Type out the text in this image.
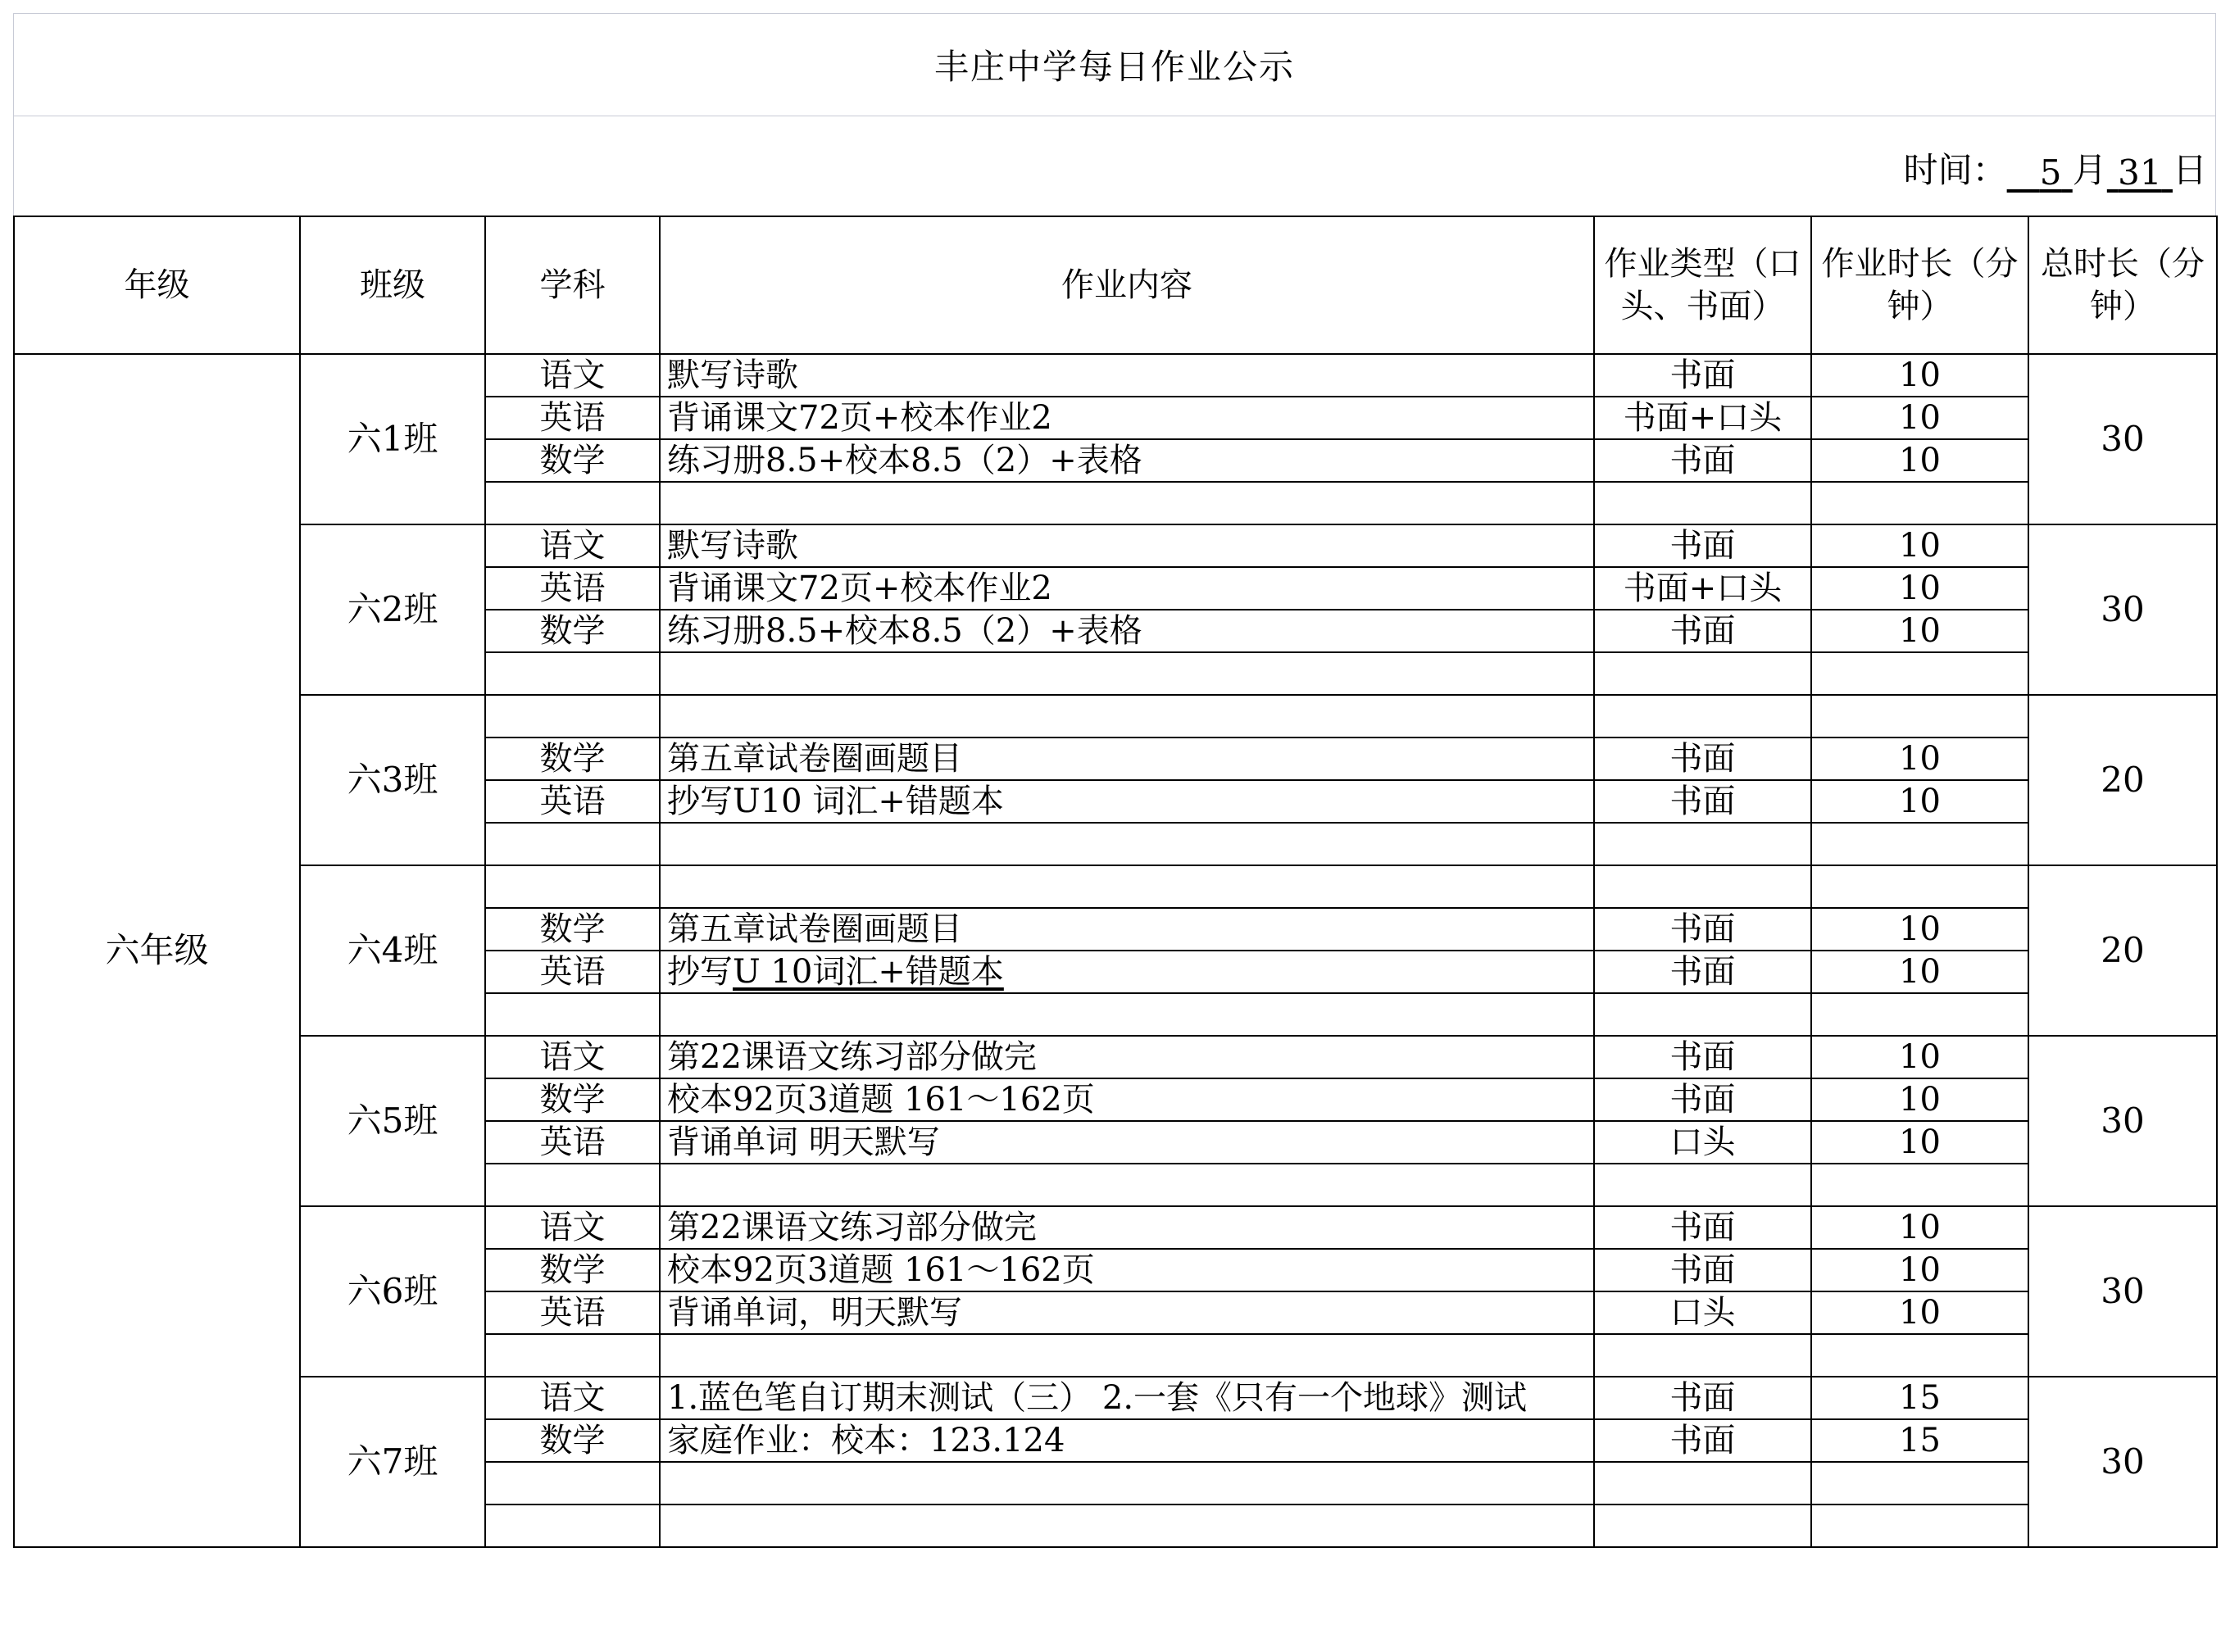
丰庄中学每日作业公示
时间： 5 月 31 日
年级	班级	学科	作业内容	作业类型（口头、书面）	作业时长（分钟）	总时长（分钟）
六年级	六1班	语文	默写诗歌	书面	10	30
		英语	背诵课文72页+校本作业2	书面+口头	10	
		数学	练习册8.5+校本8.5（2）+表格	书面	10	

	六2班	语文	默写诗歌	书面	10	30
		英语	背诵课文72页+校本作业2	书面+口头	10	
		数学	练习册8.5+校本8.5（2）+表格	书面	10	

	六3班					20
		数学	第五章试卷圈画题目	书面	10	
		英语	抄写U10 词汇+错题本	书面	10	

	六4班					20
		数学	第五章试卷圈画题目	书面	10	
		英语	抄写U 10词汇+错题本	书面	10	

	六5班	语文	第22课语文练习部分做完	书面	10	30
		数学	校本92页3道题 161～162页	书面	10	
		英语	背诵单词 明天默写	口头	10	

	六6班	语文	第22课语文练习部分做完	书面	10	30
		数学	校本92页3道题 161～162页	书面	10	
		英语	背诵单词，明天默写	口头	10	

	六7班	语文	1.蓝色笔自订期末测试（三） 2.一套《只有一个地球》测试	书面	15	30
		数学	家庭作业：校本：123.124	书面	15	
